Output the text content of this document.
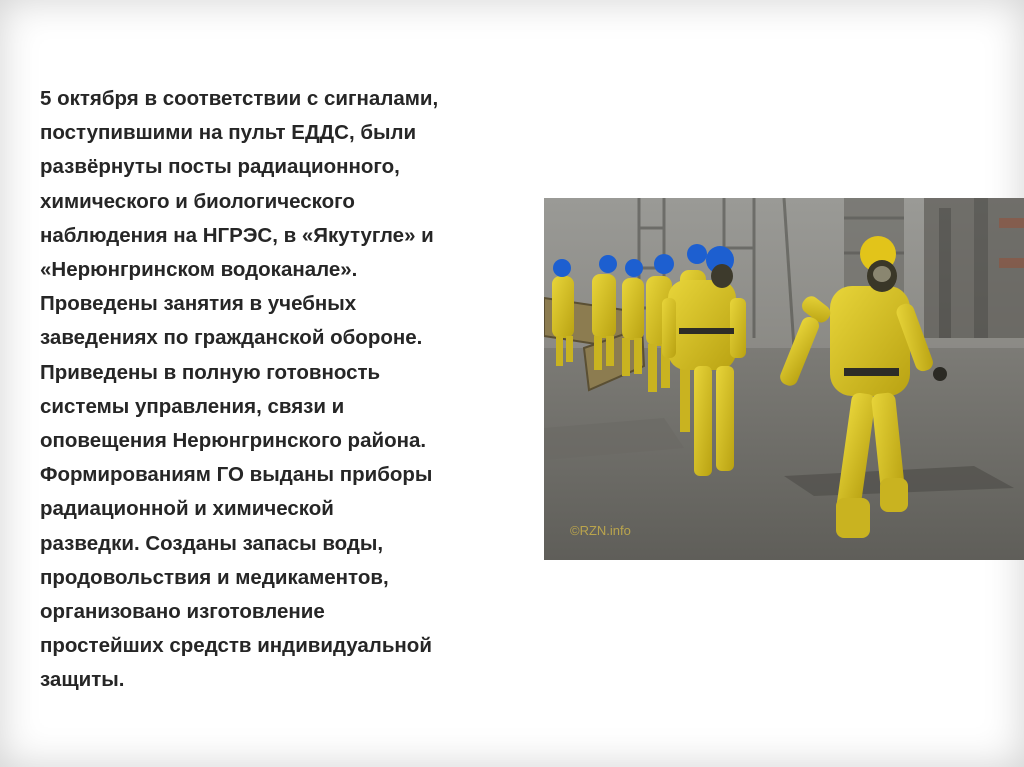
5 октября в соответствии с сигналами,
поступившими на пульт ЕДДС, были
развёрнуты посты радиационного,
химического и биологического
наблюдения на НГРЭС, в «Якутугле» и
«Нерюнгринском водоканале».
Проведены занятия в учебных
заведениях по гражданской обороне.
Приведены в полную готовность
системы управления, связи и
оповещения Нерюнгринского района.
Формированиям ГО выданы приборы
радиационной и химической
разведки. Созданы запасы воды,
продовольствия и медикаментов,
организовано изготовление
простейших средств индивидуальной
защиты.
©RZN.info
